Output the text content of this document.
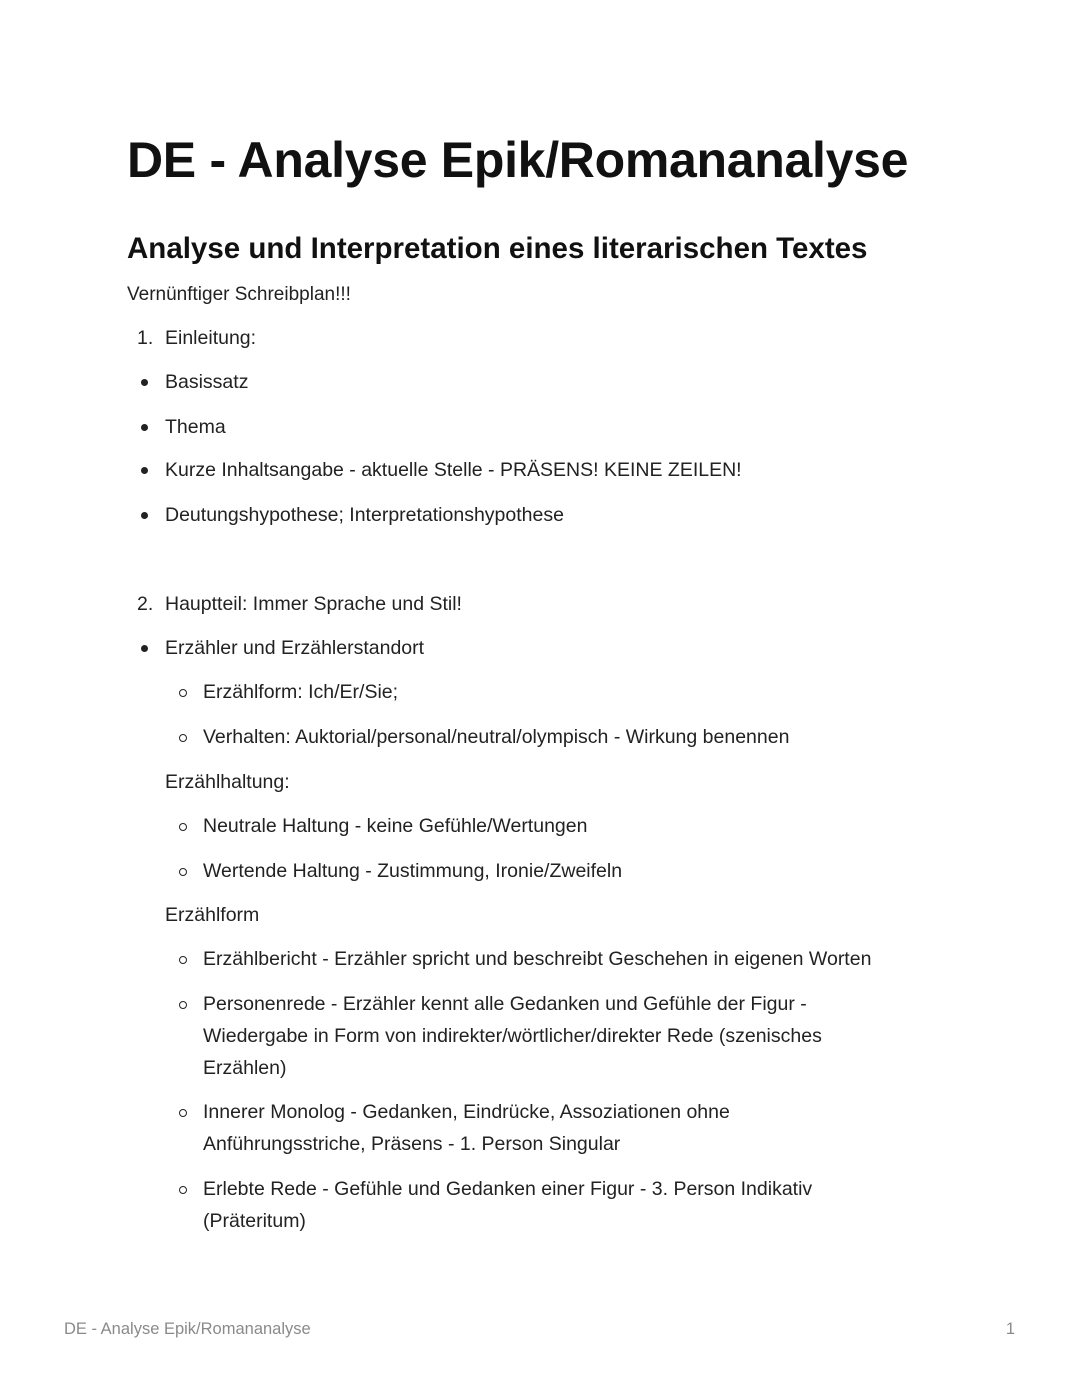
DE - Analyse Epik/Romananalyse
Analyse und Interpretation eines literarischen Textes

Vernünftiger Schreibplan!!!

1. Einleitung:
Basissatz
Thema
Kurze Inhaltsangabe - aktuelle Stelle - PRÄSENS! KEINE ZEILEN!
Deutungshypothese; Interpretationshypothese
2. Hauptteil: Immer Sprache und Stil!
Erzähler und Erzählerstandort
Erzählform: Ich/Er/Sie;
Verhalten: Auktorial/personal/neutral/olympisch - Wirkung benennen
Erzählhaltung:
Neutrale Haltung - keine Gefühle/Wertungen
Wertende Haltung - Zustimmung, Ironie/Zweifeln
Erzählform
Erzählbericht - Erzähler spricht und beschreibt Geschehen in eigenen Worten
Personenrede - Erzähler kennt alle Gedanken und Gefühle der Figur - Wiedergabe in Form von indirekter/wörtlicher/direkter Rede (szenisches Erzählen)
Innerer Monolog - Gedanken, Eindrücke, Assoziationen ohne Anführungsstriche, Präsens - 1. Person Singular
Erlebte Rede - Gefühle und Gedanken einer Figur - 3. Person Indikativ (Präteritum)
DE - Analyse Epik/Romananalyse	1
